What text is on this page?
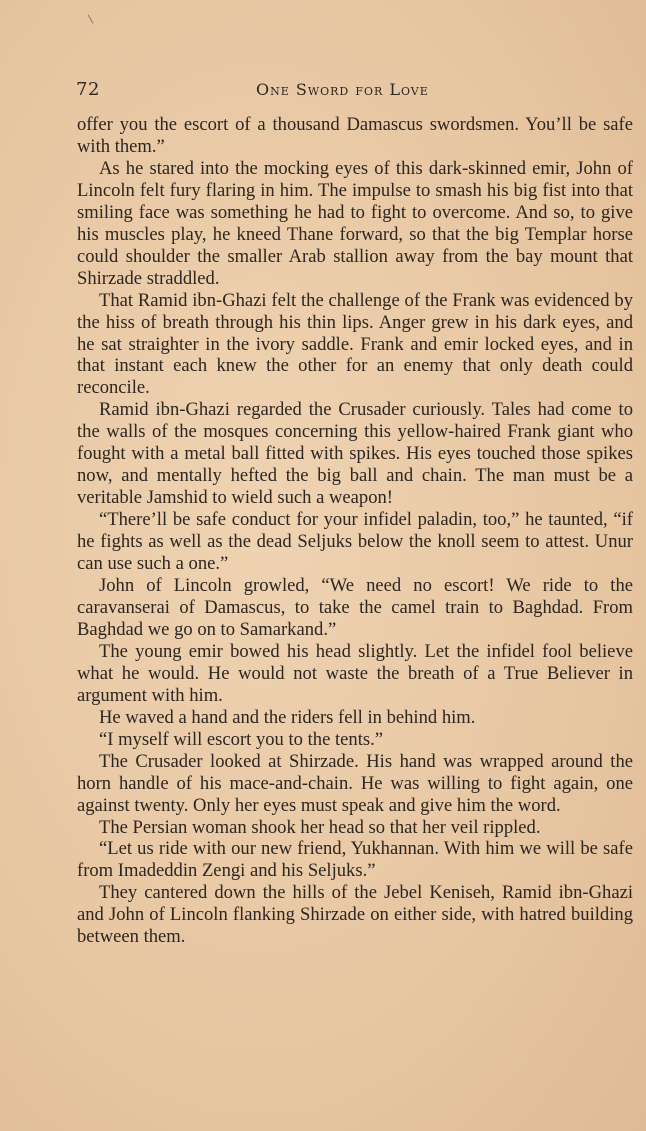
72	One Sword for Love

offer you the escort of a thousand Damascus swordsmen. You’ll be safe with them.”

As he stared into the mocking eyes of this dark-skinned emir, John of Lincoln felt fury flaring in him. The impulse to smash his big fist into that smiling face was something he had to fight to overcome. And so, to give his muscles play, he kneed Thane forward, so that the big Templar horse could shoulder the smaller Arab stallion away from the bay mount that Shirzade straddled.

That Ramid ibn-Ghazi felt the challenge of the Frank was evidenced by the hiss of breath through his thin lips. Anger grew in his dark eyes, and he sat straighter in the ivory saddle. Frank and emir locked eyes, and in that instant each knew the other for an enemy that only death could reconcile.

Ramid ibn-Ghazi regarded the Crusader curiously. Tales had come to the walls of the mosques concerning this yellow-haired Frank giant who fought with a metal ball fitted with spikes. His eyes touched those spikes now, and mentally hefted the big ball and chain. The man must be a veritable Jamshid to wield such a weapon!

“There’ll be safe conduct for your infidel paladin, too,” he taunted, “if he fights as well as the dead Seljuks below the knoll seem to attest. Unur can use such a one.”

John of Lincoln growled, “We need no escort! We ride to the caravanserai of Damascus, to take the camel train to Baghdad. From Baghdad we go on to Samarkand.”

The young emir bowed his head slightly. Let the infidel fool believe what he would. He would not waste the breath of a True Believer in argument with him.

He waved a hand and the riders fell in behind him.

“I myself will escort you to the tents.”

The Crusader looked at Shirzade. His hand was wrapped around the horn handle of his mace-and-chain. He was willing to fight again, one against twenty. Only her eyes must speak and give him the word.

The Persian woman shook her head so that her veil rippled.

“Let us ride with our new friend, Yukhannan. With him we will be safe from Imadeddin Zengi and his Seljuks.”

They cantered down the hills of the Jebel Keniseh, Ramid ibn-Ghazi and John of Lincoln flanking Shirzade on either side, with hatred building between them.
